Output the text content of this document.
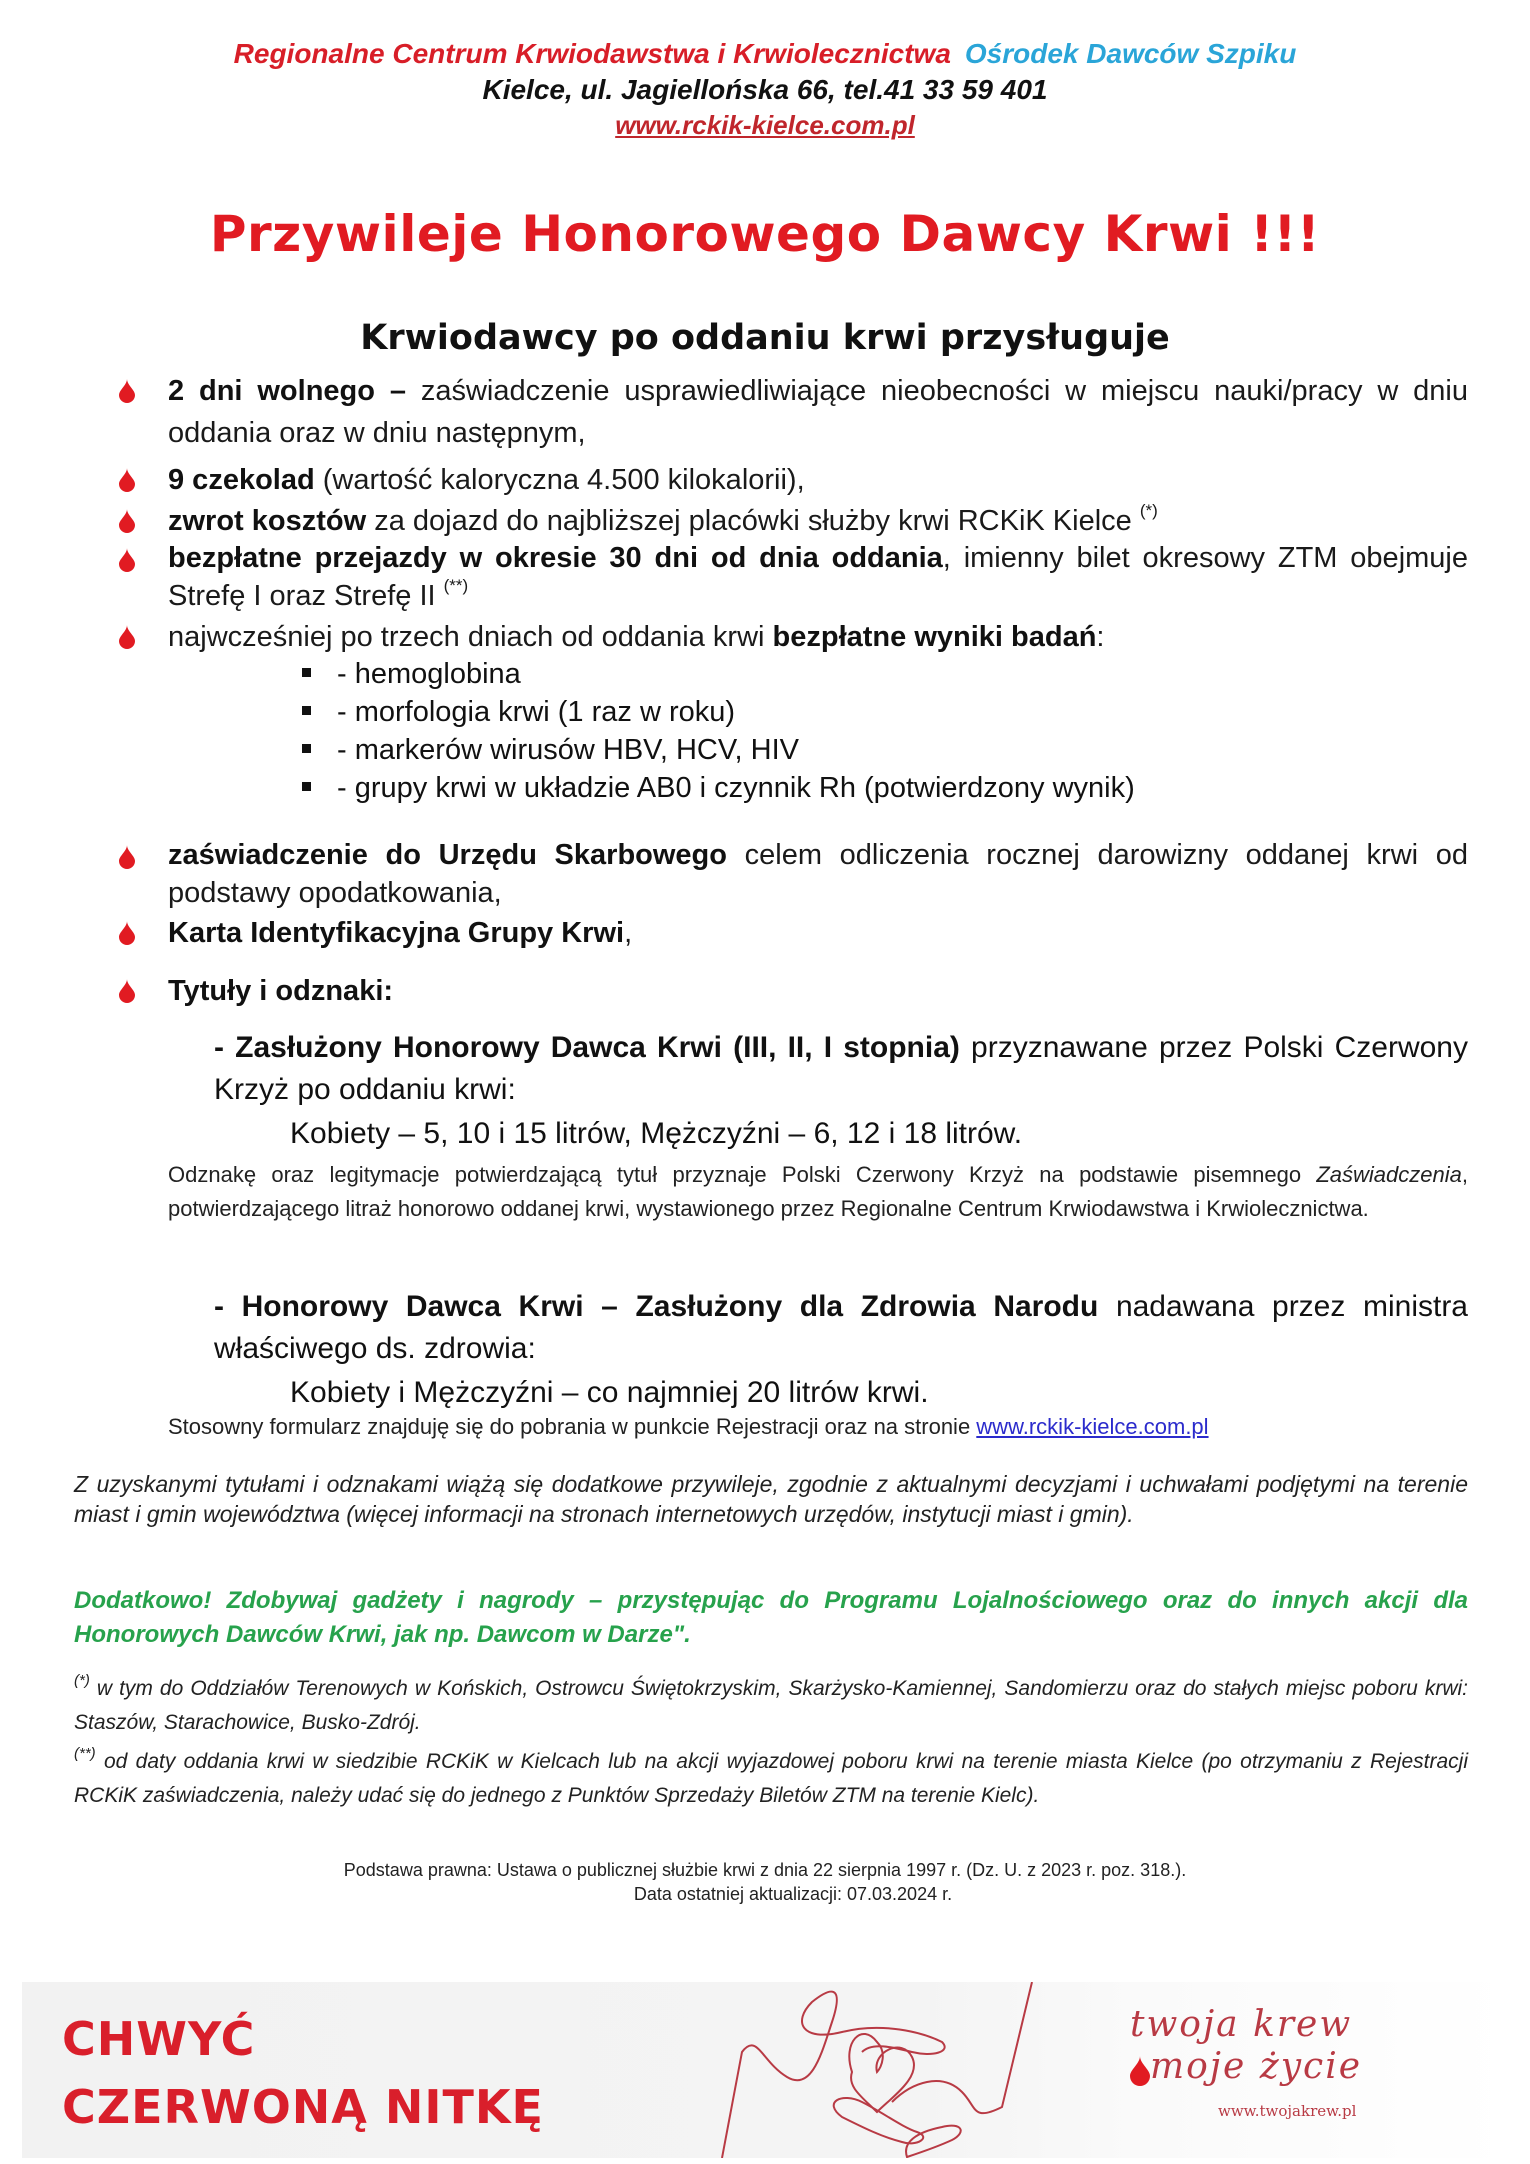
Regionalne Centrum Krwiodawstwa i Krwiolecznictwa Ośrodek Dawców Szpiku
Kielce, ul. Jagiellońska 66, tel.41 33 59 401
www.rckik-kielce.com.pl
Przywileje Honorowego Dawcy Krwi !!!
Krwiodawcy po oddaniu krwi przysługuje
2 dni wolnego – zaświadczenie usprawiedliwiające nieobecności w miejscu nauki/pracy w dniu oddania oraz w dniu następnym,
9 czekolad (wartość kaloryczna 4.500 kilokalorii),
zwrot kosztów za dojazd do najbliższej placówki służby krwi RCKiK Kielce (*)
bezpłatne przejazdy w okresie 30 dni od dnia oddania, imienny bilet okresowy ZTM obejmuje Strefę I oraz Strefę II (**)
najwcześniej po trzech dniach od oddania krwi bezpłatne wyniki badań:
- hemoglobina
- morfologia krwi (1 raz w roku)
- markerów wirusów HBV, HCV, HIV
- grupy krwi w układzie AB0 i czynnik Rh (potwierdzony wynik)
zaświadczenie do Urzędu Skarbowego celem odliczenia rocznej darowizny oddanej krwi od podstawy opodatkowania,
Karta Identyfikacyjna Grupy Krwi,
Tytuły i odznaki:
- Zasłużony Honorowy Dawca Krwi (III, II, I stopnia) przyznawane przez Polski Czerwony Krzyż po oddaniu krwi:
Kobiety – 5, 10 i 15 litrów, Mężczyźni – 6, 12 i 18 litrów.
Odznakę oraz legitymacje potwierdzającą tytuł przyznaje Polski Czerwony Krzyż na podstawie pisemnego Zaświadczenia, potwierdzającego litraż honorowo oddanej krwi, wystawionego przez Regionalne Centrum Krwiodawstwa i Krwiolecznictwa.
- Honorowy Dawca Krwi – Zasłużony dla Zdrowia Narodu nadawana przez ministra właściwego ds. zdrowia:
Kobiety i Mężczyźni – co najmniej 20 litrów krwi.
Stosowny formularz znajduję się do pobrania w punkcie Rejestracji oraz na stronie www.rckik-kielce.com.pl
Z uzyskanymi tytułami i odznakami wiążą się dodatkowe przywileje, zgodnie z aktualnymi decyzjami i uchwałami podjętymi na terenie miast i gmin województwa (więcej informacji na stronach internetowych urzędów, instytucji miast i gmin).
Dodatkowo! Zdobywaj gadżety i nagrody – przystępując do Programu Lojalnościowego oraz do innych akcji dla Honorowych Dawców Krwi, jak np. Dawcom w Darze".
(*) w tym do Oddziałów Terenowych w Końskich, Ostrowcu Świętokrzyskim, Skarżysko-Kamiennej, Sandomierzu oraz do stałych miejsc poboru krwi: Staszów, Starachowice, Busko-Zdrój.
(**) od daty oddania krwi w siedzibie RCKiK w Kielcach lub na akcji wyjazdowej poboru krwi na terenie miasta Kielce (po otrzymaniu z Rejestracji RCKiK zaświadczenia, należy udać się do jednego z Punktów Sprzedaży Biletów ZTM na terenie Kielc).
Podstawa prawna: Ustawa o publicznej służbie krwi z dnia 22 sierpnia 1997 r. (Dz. U. z 2023 r. poz. 318.).
Data ostatniej aktualizacji: 07.03.2024 r.
CHWYĆ
CZERWONĄ NITKĘ
twoja krew
moje życie
www.twojakrew.pl
